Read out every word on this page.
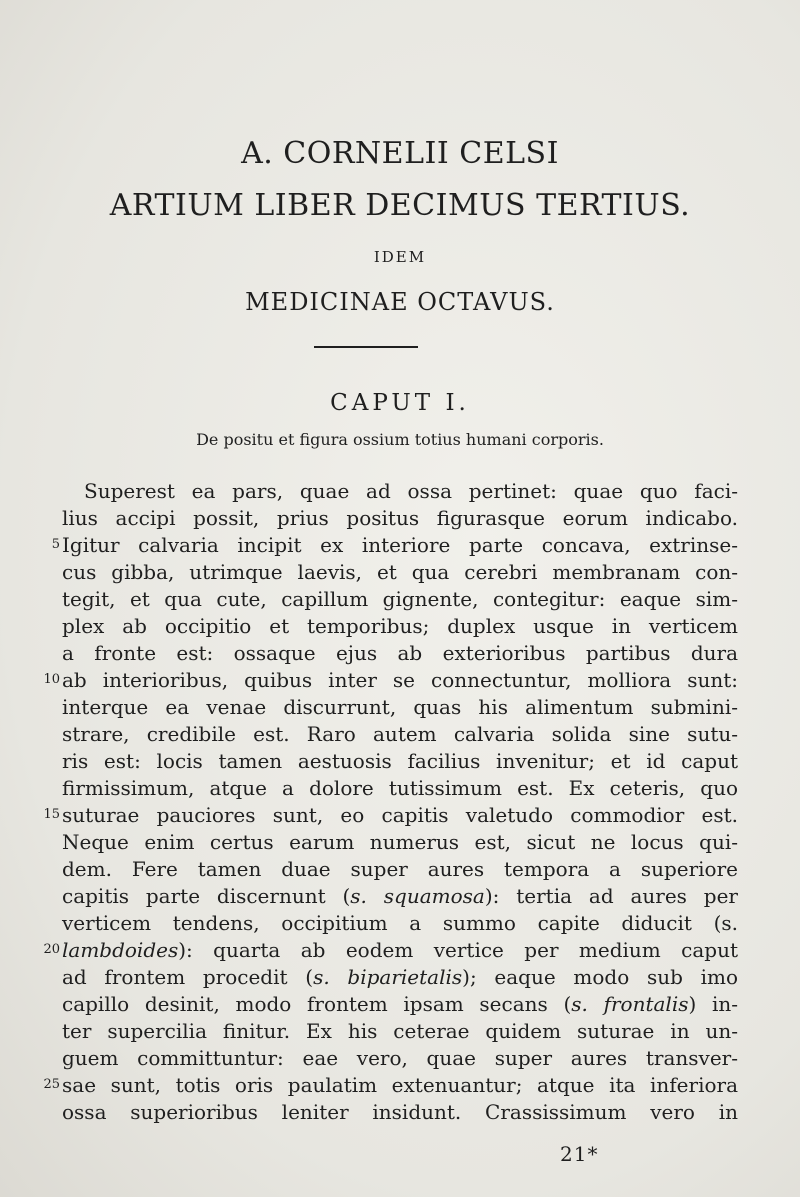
A. CORNELII CELSI
ARTIUM LIBER DECIMUS TERTIUS.
IDEM
MEDICINAE OCTAVUS.
CAPUT I.
De positu et figura ossium totius humani corporis.
Superest ea pars, quae ad ossa pertinet: quae quo faci-
lius accipi possit, prius positus figurasque eorum indicabo.
Igitur calvaria incipit ex interiore parte concava, extrinse-
cus gibba, utrimque laevis, et qua cerebri membranam con-
tegit, et qua cute, capillum gignente, contegitur: eaque sim-
plex ab occipitio et temporibus; duplex usque in verticem
a fronte est: ossaque ejus ab exterioribus partibus dura
ab interioribus, quibus inter se connectuntur, molliora sunt:
interque ea venae discurrunt, quas his alimentum submini-
strare, credibile est. Raro autem calvaria solida sine sutu-
ris est: locis tamen aestuosis facilius invenitur; et id caput
firmissimum, atque a dolore tutissimum est. Ex ceteris, quo
suturae pauciores sunt, eo capitis valetudo commodior est.
Neque enim certus earum numerus est, sicut ne locus qui-
dem. Fere tamen duae super aures tempora a superiore
capitis parte discernunt (s. squamosa): tertia ad aures per
verticem tendens, occipitium a summo capite diducit (s.
lambdoides): quarta ab eodem vertice per medium caput
ad frontem procedit (s. biparietalis); eaque modo sub imo
capillo desinit, modo frontem ipsam secans (s. frontalis) in-
ter supercilia finitur. Ex his ceterae quidem suturae in un-
guem committuntur: eae vero, quae super aures transver-
sae sunt, totis oris paulatim extenuantur; atque ita inferiora
ossa superioribus leniter insidunt. Crassissimum vero in
5
10
15
20
25
21*
